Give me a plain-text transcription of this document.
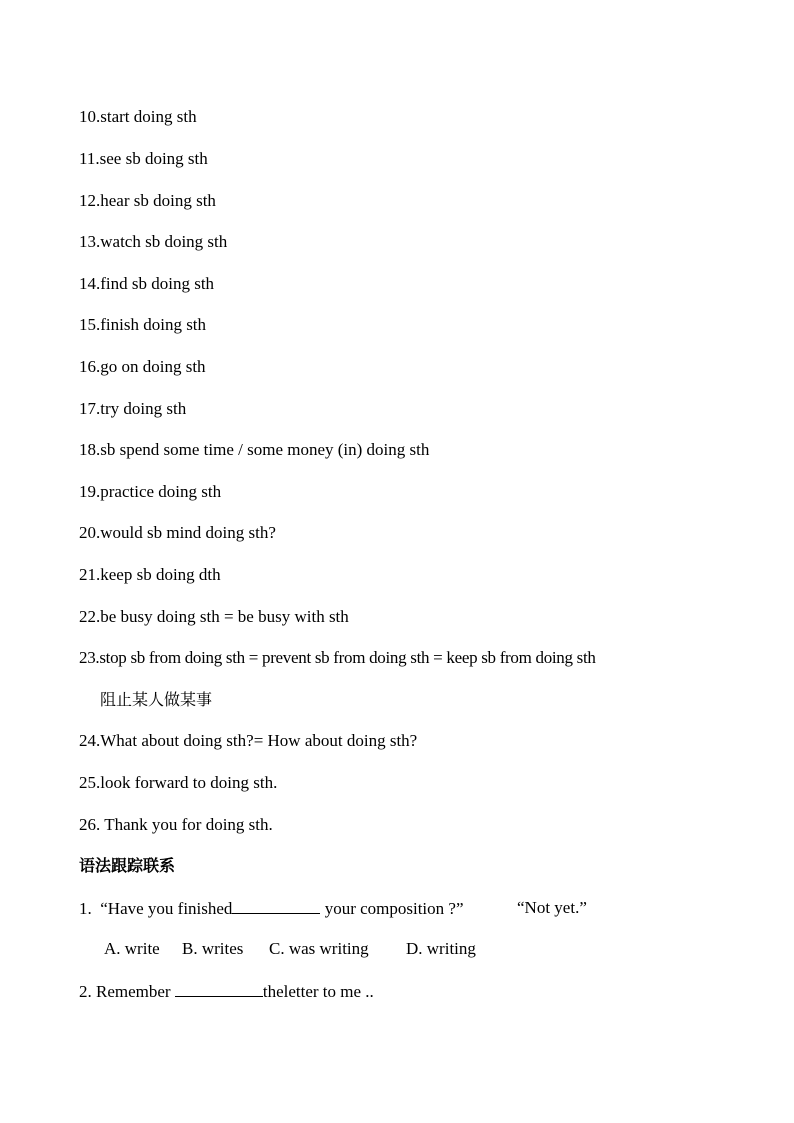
10.start doing sth
11.see sb doing sth
12.hear sb doing sth
13.watch sb doing sth
14.find sb doing sth
15.finish doing sth
16.go on doing sth
17.try doing sth
18.sb spend some time / some money (in) doing sth
19.practice doing sth
20.would sb mind doing sth?
21.keep sb doing dth
22.be busy doing sth = be busy with sth
23.stop sb from doing sth = prevent sb from doing sth = keep sb from doing sth
阻止某人做某事
24.What about doing sth?= How about doing sth?
25.look forward to doing sth.
26. Thank you for doing sth.
语法跟踪联系
1.  “Have you finished	your composition ?”	“Not yet.”
A. write B. writes C. was writing D. writing
2. Remember	theletter to me ..
